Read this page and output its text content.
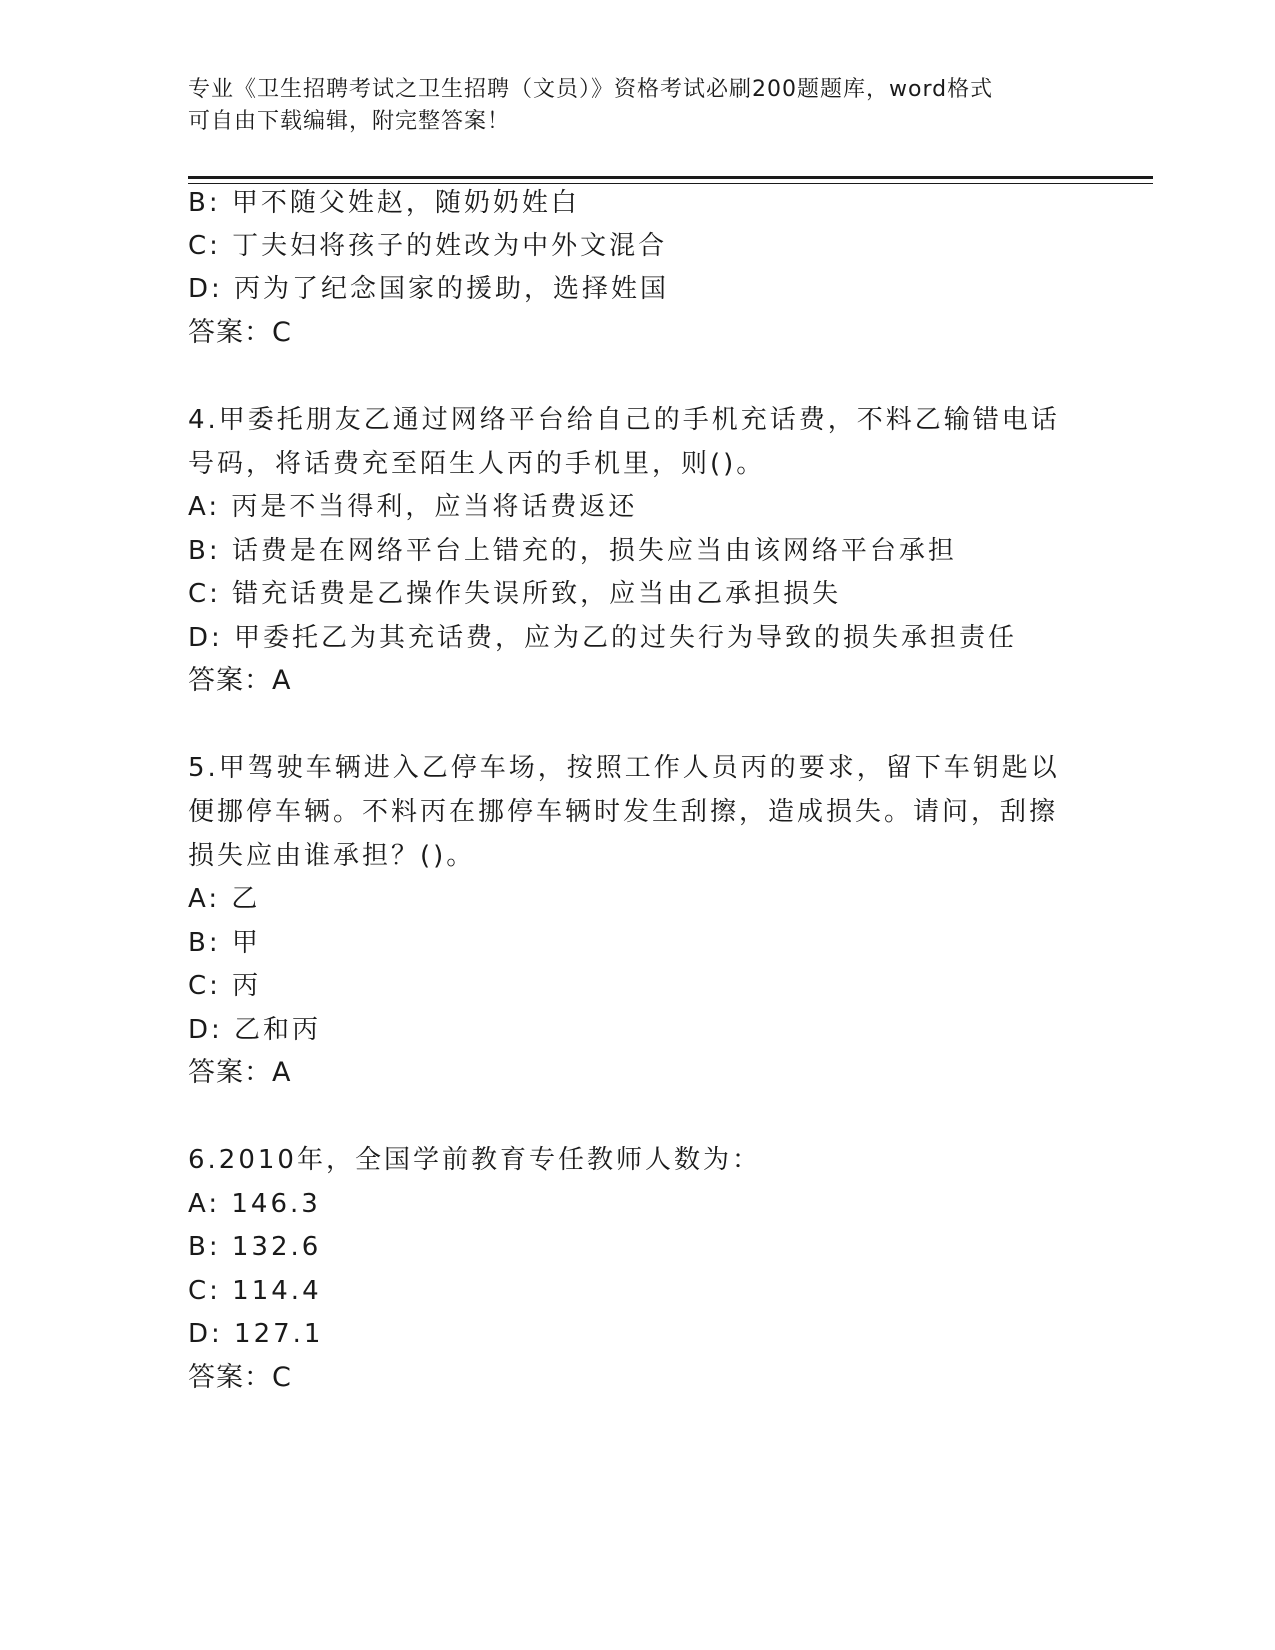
专业《卫生招聘考试之卫生招聘（文员）》资格考试必刷200题题库，word格式
可自由下载编辑，附完整答案！
B: 甲不随父姓赵，随奶奶姓白
C: 丁夫妇将孩子的姓改为中外文混合
D: 丙为了纪念国家的援助，选择姓国
答案：C
4.甲委托朋友乙通过网络平台给自己的手机充话费，不料乙输错电话
号码，将话费充至陌生人丙的手机里，则()。
A: 丙是不当得利，应当将话费返还
B: 话费是在网络平台上错充的，损失应当由该网络平台承担
C: 错充话费是乙操作失误所致，应当由乙承担损失
D: 甲委托乙为其充话费，应为乙的过失行为导致的损失承担责任
答案：A
5.甲驾驶车辆进入乙停车场，按照工作人员丙的要求，留下车钥匙以
便挪停车辆。不料丙在挪停车辆时发生刮擦，造成损失。请问，刮擦
损失应由谁承担？()。
A: 乙
B: 甲
C: 丙
D: 乙和丙
答案：A
6.2010年，全国学前教育专任教师人数为：
A: 146.3
B: 132.6
C: 114.4
D: 127.1
答案：C
